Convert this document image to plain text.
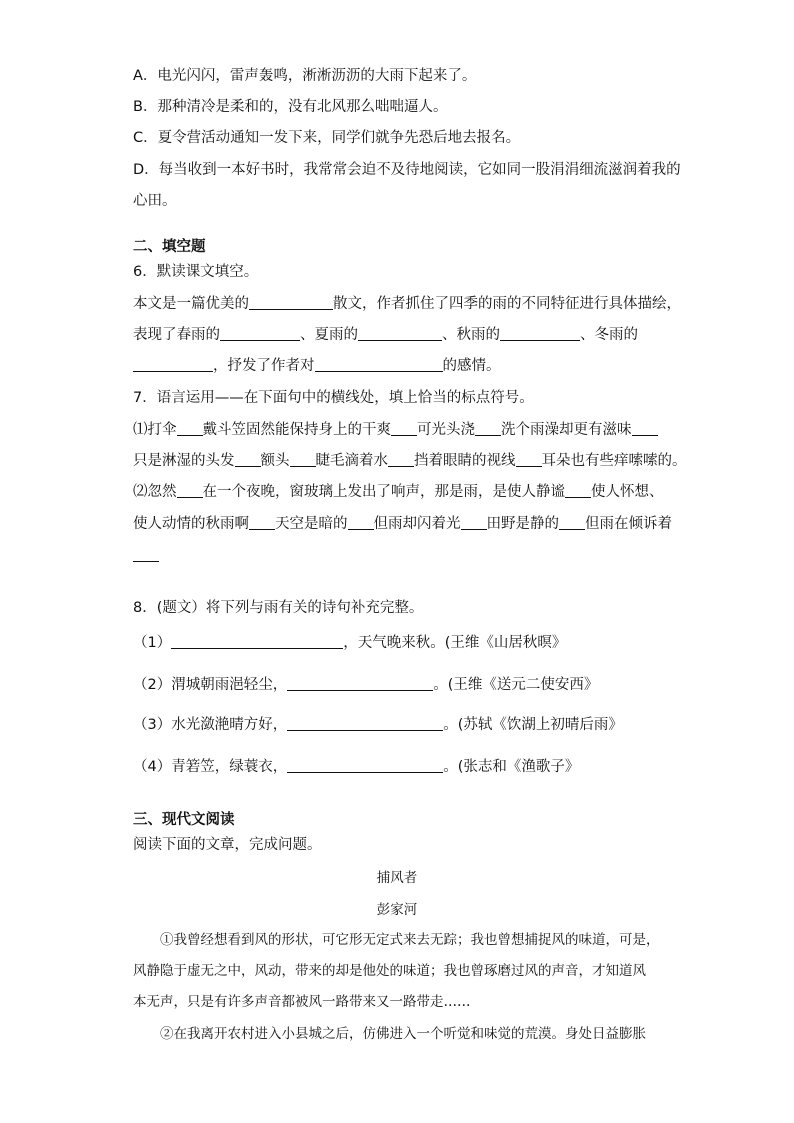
A．电光闪闪，雷声轰鸣，淅淅沥沥的大雨下起来了。
B．那种清冷是柔和的，没有北风那么咄咄逼人。
C．夏令营活动通知一发下来，同学们就争先恐后地去报名。
D．每当收到一本好书时，我常常会迫不及待地阅读，它如同一股涓涓细流滋润着我的
心田。
二、填空题
6．默读课文填空。
本文是一篇优美的	散文，作者抓住了四季的雨的不同特征进行具体描绘，
表现了春雨的	、夏雨的	、秋雨的	、冬雨的
，抒发了作者对	的感情。
7．语言运用——在下面句中的横线处，填上恰当的标点符号。
⑴打伞 戴斗笠固然能保持身上的干爽 可光头浇 洗个雨澡却更有滋味
只是淋湿的头发 额头 睫毛滴着水 挡着眼睛的视线 耳朵也有些痒嗦嗦的。
⑵忽然 在一个夜晚，窗玻璃上发出了响声，那是雨，是使人静谧 使人怀想、
使人动情的秋雨啊 天空是暗的 但雨却闪着光 田野是静的 但雨在倾诉着
8．(题文）将下列与雨有关的诗句补充完整。
（1）	，天气晚来秋。(王维《山居秋暝》
（2）渭城朝雨浥轻尘，	。(王维《送元二使安西》
（3）水光潋滟晴方好，	。(苏轼《饮湖上初晴后雨》
（4）青箬笠，绿蓑衣，	。(张志和《渔歌子》
三、现代文阅读
阅读下面的文章，完成问题。
捕风者
彭家河
①我曾经想看到风的形状，可它形无定式来去无踪；我也曾想捕捉风的味道，可是，
风静隐于虚无之中，风动，带来的却是他处的味道；我也曾琢磨过风的声音，才知道风
本无声，只是有许多声音都被风一路带来又一路带走……
②在我离开农村进入小县城之后，仿佛进入一个听觉和味觉的荒漠。身处日益膨胀
